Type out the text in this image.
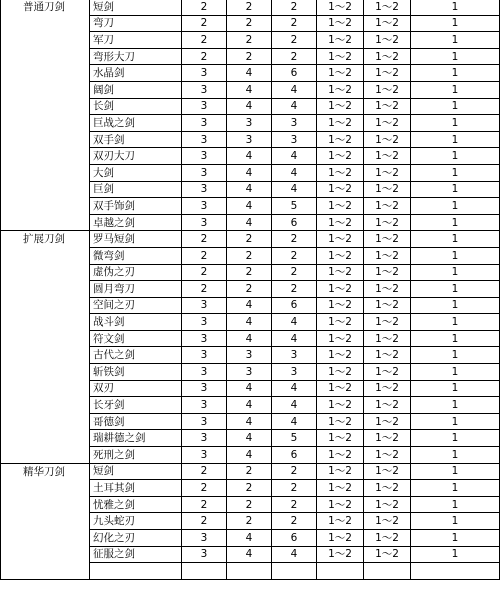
普通刀剑	短剑	2	2	2	1～2	1～2	1
	弯刀	2	2	2	1～2	1～2	1
	军刀	2	2	2	1～2	1～2	1
	弯形大刀	2	2	2	1～2	1～2	1
	水晶剑	3	4	6	1～2	1～2	1
	阔剑	3	4	4	1～2	1～2	1
	长剑	3	4	4	1～2	1～2	1
	巨战之剑	3	3	3	1～2	1～2	1
	双手剑	3	3	3	1～2	1～2	1
	双刃大刀	3	4	4	1～2	1～2	1
	大剑	3	4	4	1～2	1～2	1
	巨剑	3	4	4	1～2	1～2	1
	双手饰剑	3	4	5	1～2	1～2	1
	卓越之剑	3	4	6	1～2	1～2	1
扩展刀剑	罗马短剑	2	2	2	1～2	1～2	1
	微弯剑	2	2	2	1～2	1～2	1
	虚伪之刃	2	2	2	1～2	1～2	1
	圆月弯刀	2	2	2	1～2	1～2	1
	空间之刃	3	4	6	1～2	1～2	1
	战斗剑	3	4	4	1～2	1～2	1
	符文剑	3	4	4	1～2	1～2	1
	古代之剑	3	3	3	1～2	1～2	1
	斩铁剑	3	3	3	1～2	1～2	1
	双刃	3	4	4	1～2	1～2	1
	长牙剑	3	4	4	1～2	1～2	1
	哥德剑	3	4	4	1～2	1～2	1
	瑞耕德之剑	3	4	5	1～2	1～2	1
	死刑之剑	3	4	6	1～2	1～2	1
精华刀剑	短剑	2	2	2	1～2	1～2	1
	土耳其剑	2	2	2	1～2	1～2	1
	忧雅之剑	2	2	2	1～2	1～2	1
	九头蛇刃	2	2	2	1～2	1～2	1
	幻化之刃	3	4	6	1～2	1～2	1
	征服之剑	3	4	4	1～2	1～2	1
